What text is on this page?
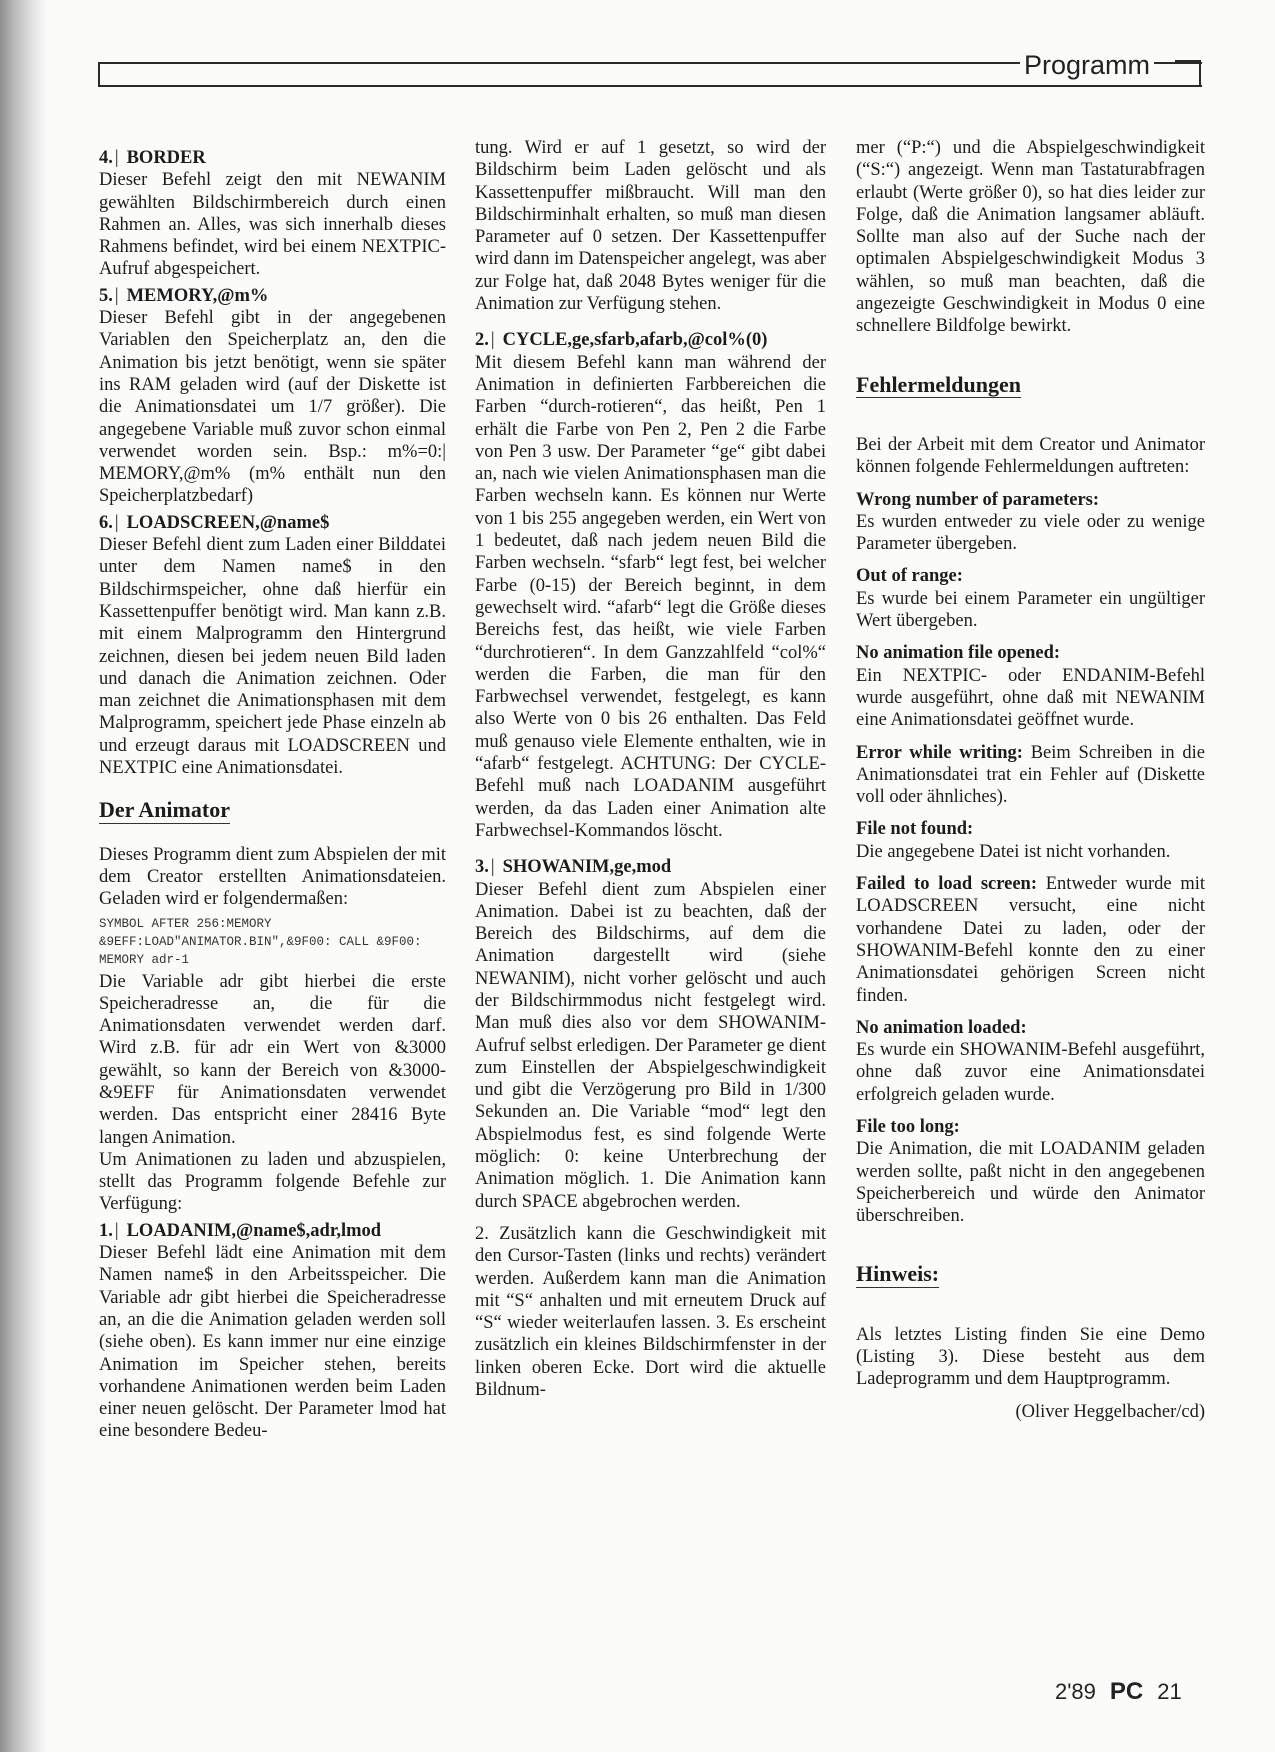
Programm
4. | BORDER

Dieser Befehl zeigt den mit NEWANIM gewählten Bildschirmbereich durch einen Rahmen an. Alles, was sich innerhalb dieses Rahmens befindet, wird bei einem NEXTPIC-Aufruf abgespeichert.

5. | MEMORY,@m%

Dieser Befehl gibt in der angegebenen Variablen den Speicherplatz an, den die Animation bis jetzt benötigt, wenn sie später ins RAM geladen wird (auf der Diskette ist die Animationsdatei um 1/7 größer). Die angegebene Variable muß zuvor schon einmal verwendet worden sein. Bsp.: m%=0:| MEMORY,@m% (m% enthält nun den Speicherplatzbedarf)

6. | LOADSCREEN,@name$

Dieser Befehl dient zum Laden einer Bilddatei unter dem Namen name$ in den Bildschirmspeicher, ohne daß hierfür ein Kassettenpuffer benötigt wird. Man kann z.B. mit einem Malprogramm den Hintergrund zeichnen, diesen bei jedem neuen Bild laden und danach die Animation zeichnen. Oder man zeichnet die Animationsphasen mit dem Malprogramm, speichert jede Phase einzeln ab und erzeugt daraus mit LOADSCREEN und NEXTPIC eine Animationsdatei.

Der Animator

Dieses Programm dient zum Abspielen der mit dem Creator erstellten Animationsdateien. Geladen wird er folgendermaßen:

SYMBOL AFTER 256:MEMORY &9EFF:LOAD"ANIMATOR.BIN",&9F00: CALL &9F00: MEMORY adr-1

Die Variable adr gibt hierbei die erste Speicheradresse an, die für die Animationsdaten verwendet werden darf. Wird z.B. für adr ein Wert von &3000 gewählt, so kann der Bereich von &3000-&9EFF für Animationsdaten verwendet werden. Das entspricht einer 28416 Byte langen Animation.

Um Animationen zu laden und abzuspielen, stellt das Programm folgende Befehle zur Verfügung:

1. | LOADANIM,@name$,adr,lmod

Dieser Befehl lädt eine Animation mit dem Namen name$ in den Arbeitsspeicher. Die Variable adr gibt hierbei die Speicheradresse an, an die die Animation geladen werden soll (siehe oben). Es kann immer nur eine einzige Animation im Speicher stehen, bereits vorhandene Animationen werden beim Laden einer neuen gelöscht. Der Parameter lmod hat eine besondere Bedeu-

tung. Wird er auf 1 gesetzt, so wird der Bildschirm beim Laden gelöscht und als Kassettenpuffer mißbraucht. Will man den Bildschirminhalt erhalten, so muß man diesen Parameter auf 0 setzen. Der Kassettenpuffer wird dann im Datenspeicher angelegt, was aber zur Folge hat, daß 2048 Bytes weniger für die Animation zur Verfügung stehen.

2. | CYCLE,ge,sfarb,afarb,@col%(0)

Mit diesem Befehl kann man während der Animation in definierten Farbbereichen die Farben “durch-rotieren“, das heißt, Pen 1 erhält die Farbe von Pen 2, Pen 2 die Farbe von Pen 3 usw. Der Parameter “ge“ gibt dabei an, nach wie vielen Animationsphasen man die Farben wechseln kann. Es können nur Werte von 1 bis 255 angegeben werden, ein Wert von 1 bedeutet, daß nach jedem neuen Bild die Farben wechseln. “sfarb“ legt fest, bei welcher Farbe (0-15) der Bereich beginnt, in dem gewechselt wird. “afarb“ legt die Größe dieses Bereichs fest, das heißt, wie viele Farben “durchrotieren“. In dem Ganzzahlfeld “col%“ werden die Farben, die man für den Farbwechsel verwendet, festgelegt, es kann also Werte von 0 bis 26 enthalten. Das Feld muß genauso viele Elemente enthalten, wie in “afarb“ festgelegt. ACHTUNG: Der CYCLE-Befehl muß nach LOADANIM ausgeführt werden, da das Laden einer Animation alte Farbwechsel-Kommandos löscht.

3. | SHOWANIM,ge,mod

Dieser Befehl dient zum Abspielen einer Animation. Dabei ist zu beachten, daß der Bereich des Bildschirms, auf dem die Animation dargestellt wird (siehe NEWANIM), nicht vorher gelöscht und auch der Bildschirmmodus nicht festgelegt wird. Man muß dies also vor dem SHOWANIM-Aufruf selbst erledigen. Der Parameter ge dient zum Einstellen der Abspielgeschwindigkeit und gibt die Verzögerung pro Bild in 1/300 Sekunden an. Die Variable “mod“ legt den Abspielmodus fest, es sind folgende Werte möglich: 0: keine Unterbrechung der Animation möglich. 1. Die Animation kann durch SPACE abgebrochen werden.

2. Zusätzlich kann die Geschwindigkeit mit den Cursor-Tasten (links und rechts) verändert werden. Außerdem kann man die Animation mit “S“ anhalten und mit erneutem Druck auf “S“ wieder weiterlaufen lassen. 3. Es erscheint zusätzlich ein kleines Bildschirmfenster in der linken oberen Ecke. Dort wird die aktuelle Bildnum-

mer (“P:“) und die Abspielgeschwindigkeit (“S:“) angezeigt. Wenn man Tastaturabfragen erlaubt (Werte größer 0), so hat dies leider zur Folge, daß die Animation langsamer abläuft. Sollte man also auf der Suche nach der optimalen Abspielgeschwindigkeit Modus 3 wählen, so muß man beachten, daß die angezeigte Geschwindigkeit in Modus 0 eine schnellere Bildfolge bewirkt.

Fehlermeldungen

Bei der Arbeit mit dem Creator und Animator können folgende Fehlermeldungen auftreten:

Wrong number of parameters:

Es wurden entweder zu viele oder zu wenige Parameter übergeben.

Out of range:

Es wurde bei einem Parameter ein ungültiger Wert übergeben.

No animation file opened:

Ein NEXTPIC- oder ENDANIM-Befehl wurde ausgeführt, ohne daß mit NEWANIM eine Animationsdatei geöffnet wurde.

Error while writing: Beim Schreiben in die Animationsdatei trat ein Fehler auf (Diskette voll oder ähnliches).

File not found:

Die angegebene Datei ist nicht vorhanden.

Failed to load screen: Entweder wurde mit LOADSCREEN versucht, eine nicht vorhandene Datei zu laden, oder der SHOWANIM-Befehl konnte den zu einer Animationsdatei gehörigen Screen nicht finden.

No animation loaded:

Es wurde ein SHOWANIM-Befehl ausgeführt, ohne daß zuvor eine Animationsdatei erfolgreich geladen wurde.

File too long:

Die Animation, die mit LOADANIM geladen werden sollte, paßt nicht in den angegebenen Speicherbereich und würde den Animator überschreiben.

Hinweis:

Als letztes Listing finden Sie eine Demo (Listing 3). Diese besteht aus dem Ladeprogramm und dem Hauptprogramm.

(Oliver Heggelbacher/cd)

2'89 PC 21
